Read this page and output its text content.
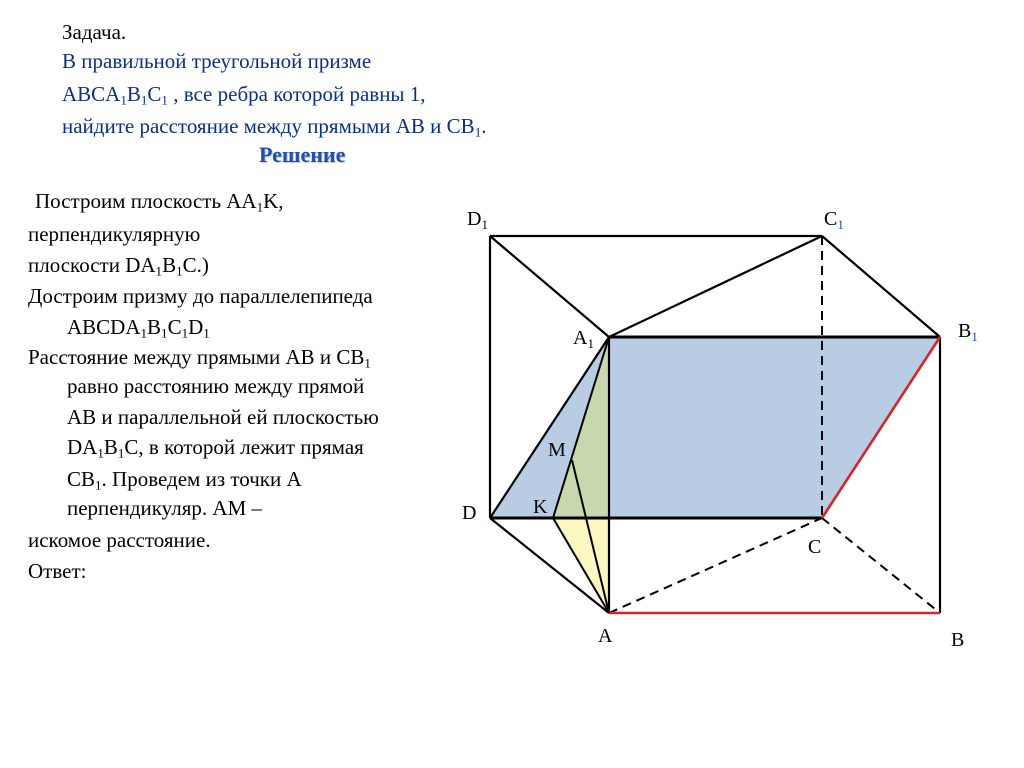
Задача.
В правильной треугольной призме
$ABCA_1B_1C_1$ , все ребра которой равны 1,
найдите расстояние между прямыми AB и $CB_1$.
Решение
Построим плоскость $AA_1K$,
перпендикулярную
плоскости $DA_1B_1C$.)
Достроим призму до параллелепипеда
$ABCDA_1B_1C_1D_1$
Расстояние между прямыми AB и $CB_1$
равно расстоянию между прямой
AB и параллельной ей плоскостью
$DA_1B_1C$, в которой лежит прямая
$CB_1$. Проведем из точки А
перпендикуляр. AM –
искомое расстояние.
Ответ:
$D_1$	$C_1$
$A_1$
$B_1$
M
K
D
C
A	B
